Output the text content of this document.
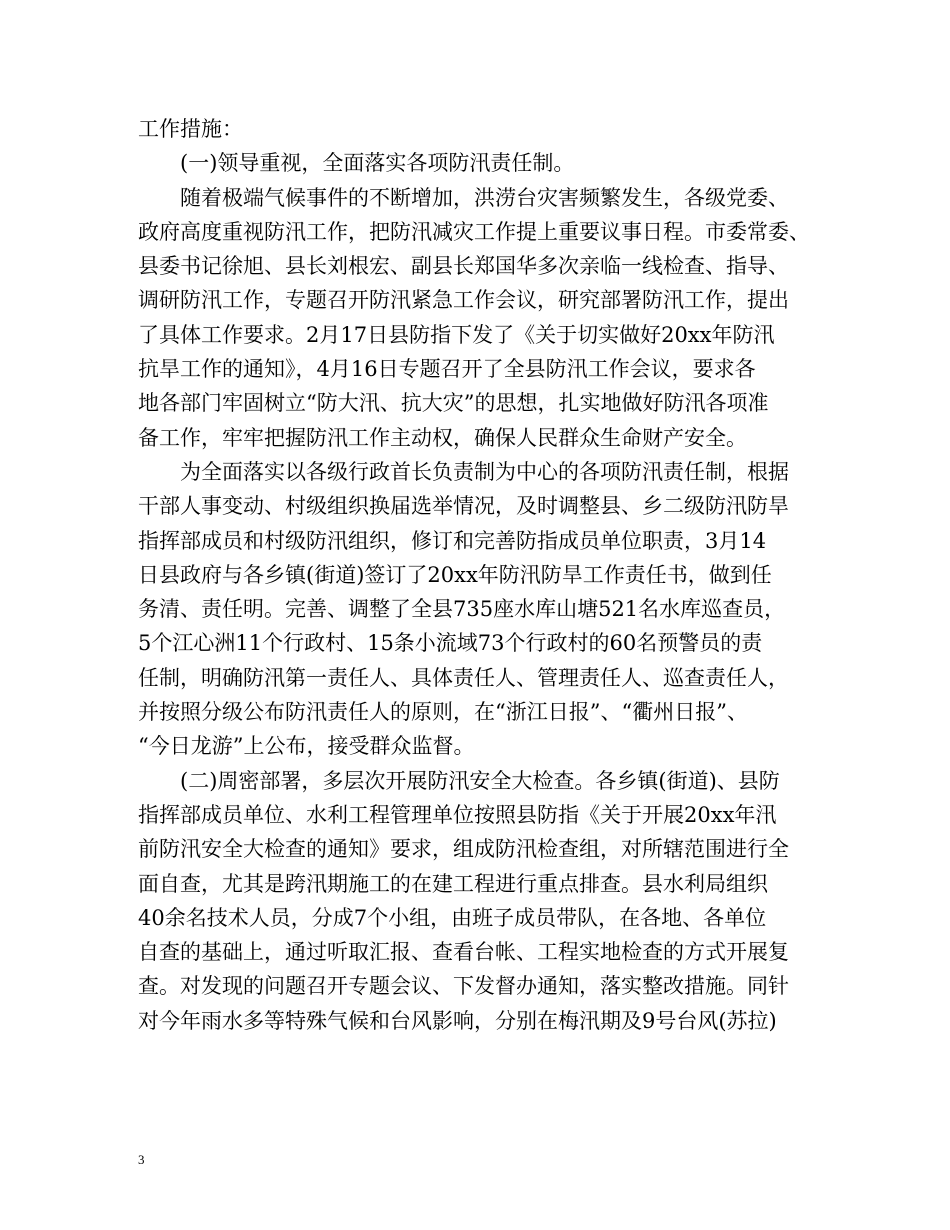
工作措施：
(一)领导重视，全面落实各项防汛责任制。
随着极端气候事件的不断增加，洪涝台灾害频繁发生，各级党委、
政府高度重视防汛工作，把防汛减灾工作提上重要议事日程。市委常委、
县委书记徐旭、县长刘根宏、副县长郑国华多次亲临一线检查、指导、
调研防汛工作，专题召开防汛紧急工作会议，研究部署防汛工作，提出
了具体工作要求。2月17日县防指下发了《关于切实做好20xx年防汛
抗旱工作的通知》，4月16日专题召开了全县防汛工作会议，要求各
地各部门牢固树立“防大汛、抗大灾”的思想，扎实地做好防汛各项准
备工作，牢牢把握防汛工作主动权，确保人民群众生命财产安全。
为全面落实以各级行政首长负责制为中心的各项防汛责任制，根据
干部人事变动、村级组织换届选举情况，及时调整县、乡二级防汛防旱
指挥部成员和村级防汛组织，修订和完善防指成员单位职责，3月14
日县政府与各乡镇(街道)签订了20xx年防汛防旱工作责任书，做到任
务清、责任明。完善、调整了全县735座水库山塘521名水库巡查员，
5个江心洲11个行政村、15条小流域73个行政村的60名预警员的责
任制，明确防汛第一责任人、具体责任人、管理责任人、巡查责任人，
并按照分级公布防汛责任人的原则，在“浙江日报”、“衢州日报”、
“今日龙游”上公布，接受群众监督。
(二)周密部署，多层次开展防汛安全大检查。各乡镇(街道)、县防
指挥部成员单位、水利工程管理单位按照县防指《关于开展20xx年汛
前防汛安全大检查的通知》要求，组成防汛检查组，对所辖范围进行全
面自查，尤其是跨汛期施工的在建工程进行重点排查。县水利局组织
40余名技术人员，分成7个小组，由班子成员带队，在各地、各单位
自查的基础上，通过听取汇报、查看台帐、工程实地检查的方式开展复
查。对发现的问题召开专题会议、下发督办通知，落实整改措施。同针
对今年雨水多等特殊气候和台风影响，分别在梅汛期及9号台风(苏拉)
3
